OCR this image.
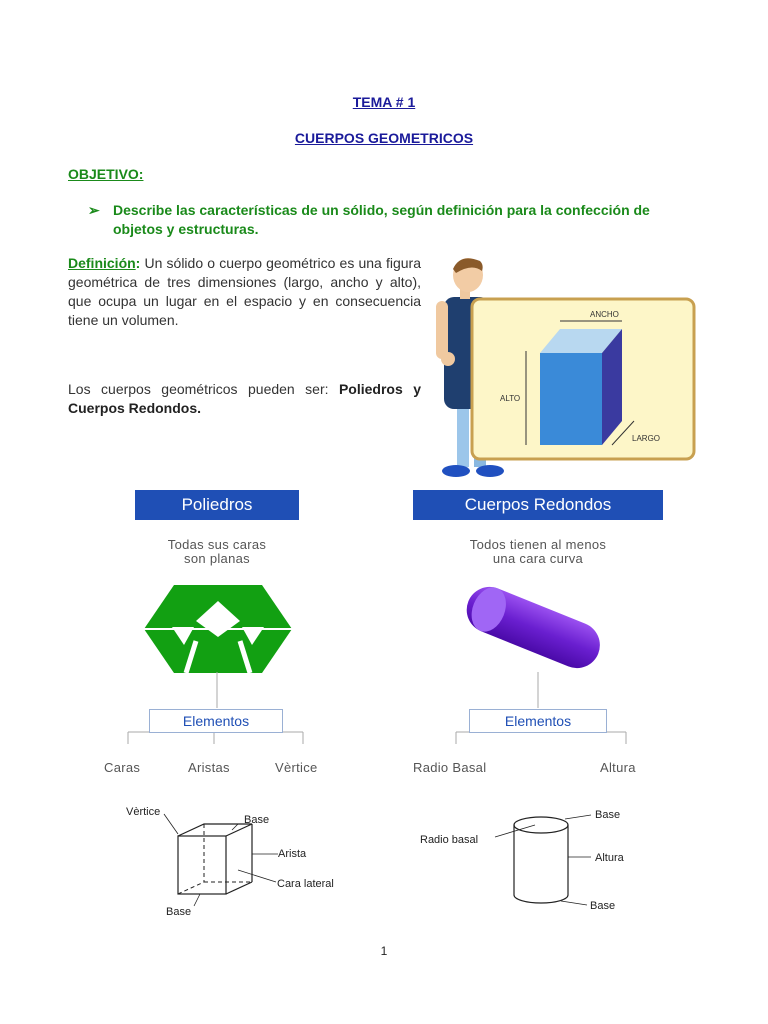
TEMA # 1
CUERPOS GEOMETRICOS
OBJETIVO:
➢ Describe las características de un sólido, según definición para la confección de objetos y estructuras.
Definición: Un sólido o cuerpo geométrico es una figura geométrica de tres dimensiones (largo, ancho y alto), que ocupa un lugar en el espacio y en consecuencia tiene un volumen.
Los cuerpos geométricos pueden ser: Poliedros y Cuerpos Redondos.
ANCHO
ALTO
LARGO
Poliedros
Todas sus caras
son planas
Elementos
Caras	Aristas	Vèrtice
Vèrtice
Base
Arista
Cara lateral
Base
Cuerpos Redondos
Todos tienen al menos
una cara curva
Elementos
Radio Basal	Altura
Radio basal
Base
Altura
Base
1
